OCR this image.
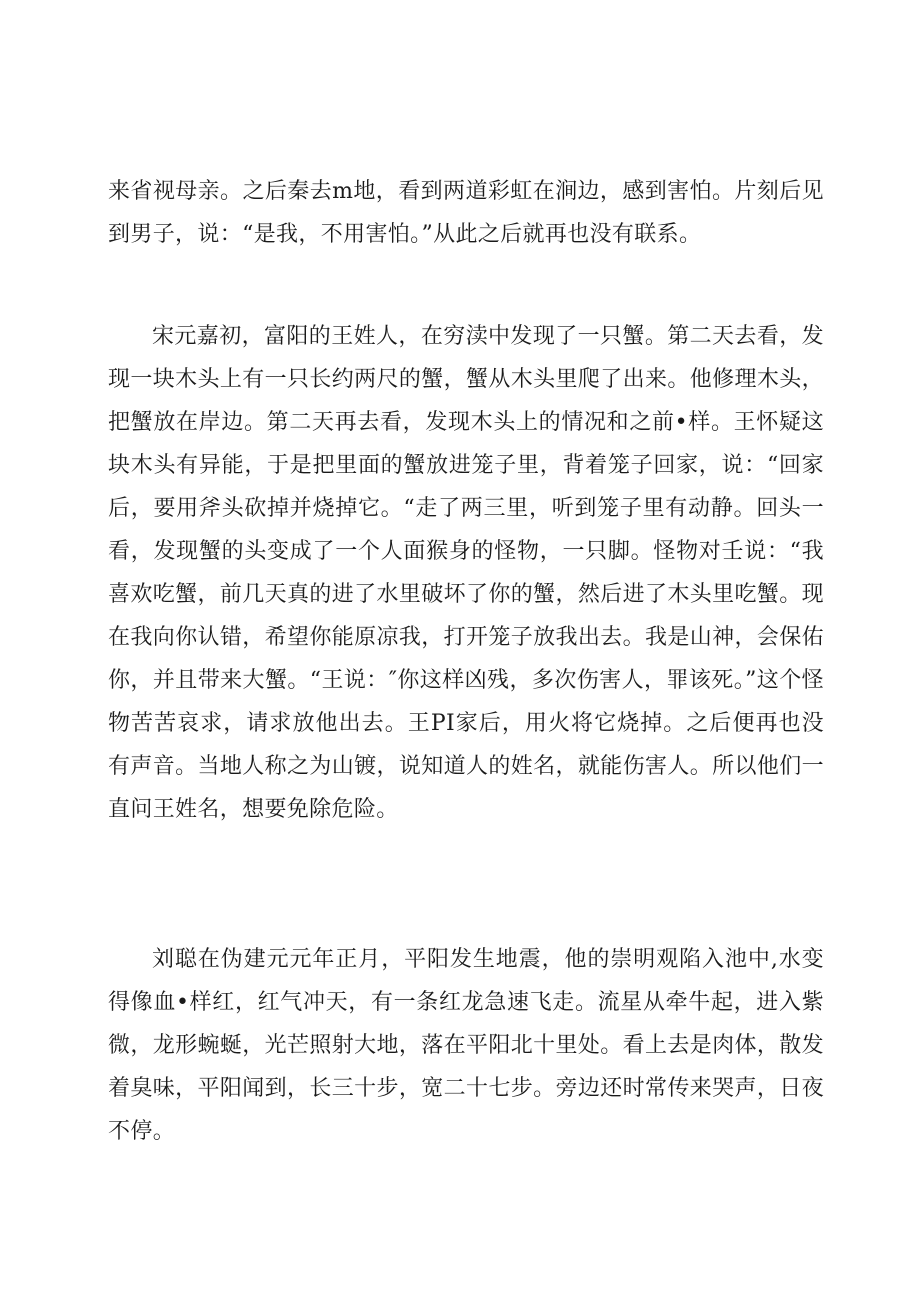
来省视母亲。之后秦去m地，看到两道彩虹在涧边，感到害怕。片刻后见到男子，说：“是我，不用害怕。”从此之后就再也没有联系。

宋元嘉初，富阳的王姓人，在穷渎中发现了一只蟹。第二天去看，发现一块木头上有一只长约两尺的蟹，蟹从木头里爬了出来。他修理木头，把蟹放在岸边。第二天再去看，发现木头上的情况和之前•样。王怀疑这块木头有异能，于是把里面的蟹放进笼子里，背着笼子回家，说：“回家后，要用斧头砍掉并烧掉它。“走了两三里，听到笼子里有动静。回头一看，发现蟹的头变成了一个人面猴身的怪物，一只脚。怪物对壬说：“我喜欢吃蟹，前几天真的进了水里破坏了你的蟹，然后进了木头里吃蟹。现在我向你认错，希望你能原凉我，打开笼子放我出去。我是山神，会保佑你，并且带来大蟹。“王说：″你这样凶残，多次伤害人，罪该死。”这个怪物苦苦哀求，请求放他出去。王PI家后，用火将它烧掉。之后便再也没有声音。当地人称之为山镀，说知道人的姓名，就能伤害人。所以他们一直问王姓名，想要免除危险。

刘聪在伪建元元年正月，平阳发生地震，他的崇明观陷入池中,水变得像血•样红，红气冲天，有一条红龙急速飞走。流星从牵牛起，进入紫微，龙形蜿蜒，光芒照射大地，落在平阳北十里处。看上去是肉体，散发着臭味，平阳闻到，长三十步，宽二十七步。旁边还时常传来哭声，日夜不停。
